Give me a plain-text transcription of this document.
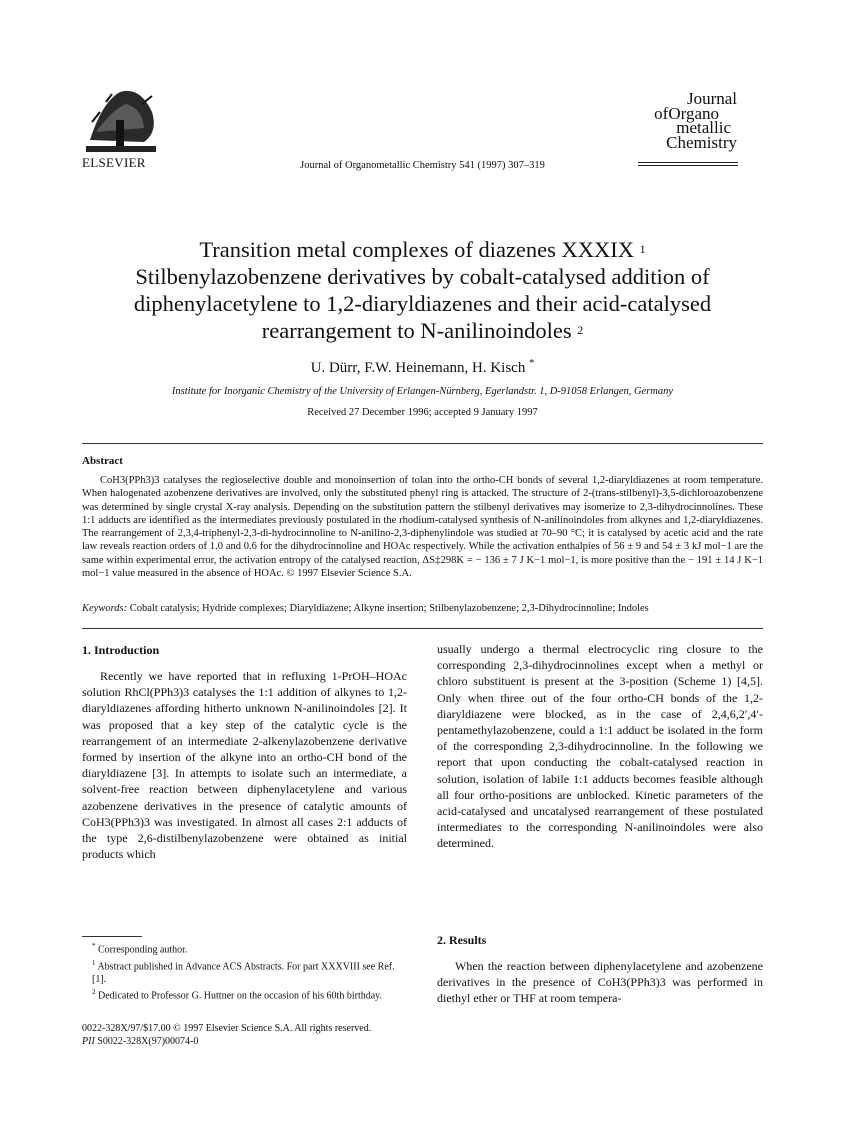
ELSEVIER	Journal of Organometallic Chemistry 541 (1997) 307–319
Journal
ofOrgano
metallic
Chemistry
Transition metal complexes of diazenes XXXIX $^1$
Stilbenylazobenzene derivatives by cobalt-catalysed addition of
diphenylacetylene to 1,2-diaryldiazenes and their acid-catalysed
rearrangement to N-anilinoindoles $^2$
U. Dürr, F.W. Heinemann, H. Kisch *
Institute for Inorganic Chemistry of the University of Erlangen-Nürnberg, Egerlandstr. 1, D-91058 Erlangen, Germany
Received 27 December 1996; accepted 9 January 1997
Abstract
CoH3(PPh3)3 catalyses the regioselective double and monoinsertion of tolan into the ortho-CH bonds of several 1,2-diaryldiazenes at room temperature. When halogenated azobenzene derivatives are involved, only the substituted phenyl ring is attacked. The structure of 2-(trans-stilbenyl)-3,5-dichloroazobenzene was determined by single crystal X-ray analysis. Depending on the substitution pattern the stilbenyl derivatives may isomerize to 2,3-dihydrocinnolines. These 1:1 adducts are identified as the intermediates previously postulated in the rhodium-catalysed synthesis of N-anilinoindoles from alkynes and 1,2-diaryldiazenes. The rearrangement of 2,3,4-triphenyl-2,3-di-hydrocinnoline to N-anilino-2,3-diphenylindole was studied at 70–90 °C; it is catalysed by acetic acid and the rate law reveals reaction orders of 1.0 and 0.6 for the dihydrocinnoline and HOAc respectively. While the activation enthalpies of 56 ± 9 and 54 ± 3 kJ mol−1 are the same within experimental error, the activation entropy of the catalysed reaction, ΔS‡298K = − 136 ± 7 J K−1 mol−1, is more positive than the − 191 ± 14 J K−1 mol−1 value measured in the absence of HOAc. © 1997 Elsevier Science S.A.
Keywords: Cobalt catalysis; Hydride complexes; Diaryldiazene; Alkyne insertion; Stilbenylazobenzene; 2,3-Dihydrocinnoline; Indoles
1. Introduction

Recently we have reported that in refluxing 1-PrOH–HOAc solution RhCl(PPh3)3 catalyses the 1:1 addition of alkynes to 1,2-diaryldiazenes affording hitherto unknown N-anilinoindoles [2]. It was proposed that a key step of the catalytic cycle is the rearrangement of an intermediate 2-alkenylazobenzene derivative formed by insertion of the alkyne into an ortho-CH bond of the diaryldiazene [3]. In attempts to isolate such an intermediate, a solvent-free reaction between diphenylacetylene and various azobenzene derivatives in the presence of catalytic amounts of CoH3(PPh3)3 was investigated. In almost all cases 2:1 adducts of the type 2,6-distilbenylazobenzene were obtained as initial products which

usually undergo a thermal electrocyclic ring closure to the corresponding 2,3-dihydrocinnolines except when a methyl or chloro substituent is present at the 3-position (Scheme 1) [4,5]. Only when three out of the four ortho-CH bonds of the 1,2-diaryldiazene were blocked, as in the case of 2,4,6,2′,4′-pentamethylazobenzene, could a 1:1 adduct be isolated in the form of the corresponding 2,3-dihydrocinnoline. In the following we report that upon conducting the cobalt-catalysed reaction in solution, isolation of labile 1:1 adducts becomes feasible although all four ortho-positions are unblocked. Kinetic parameters of the acid-catalysed and uncatalysed rearrangement of these postulated intermediates to the corresponding N-anilinoindoles were also determined.

2. Results

When the reaction between diphenylacetylene and azobenzene derivatives in the presence of CoH3(PPh3)3 was performed in diethyl ether or THF at room tempera-

* Corresponding author.
$^1$ Abstract published in Advance ACS Abstracts. For part XXXVIII see Ref. [1].
$^2$ Dedicated to Professor G. Huttner on the occasion of his 60th birthday.
0022-328X/97/$17.00 © 1997 Elsevier Science S.A. All rights reserved.
PII S0022-328X(97)00074-0
